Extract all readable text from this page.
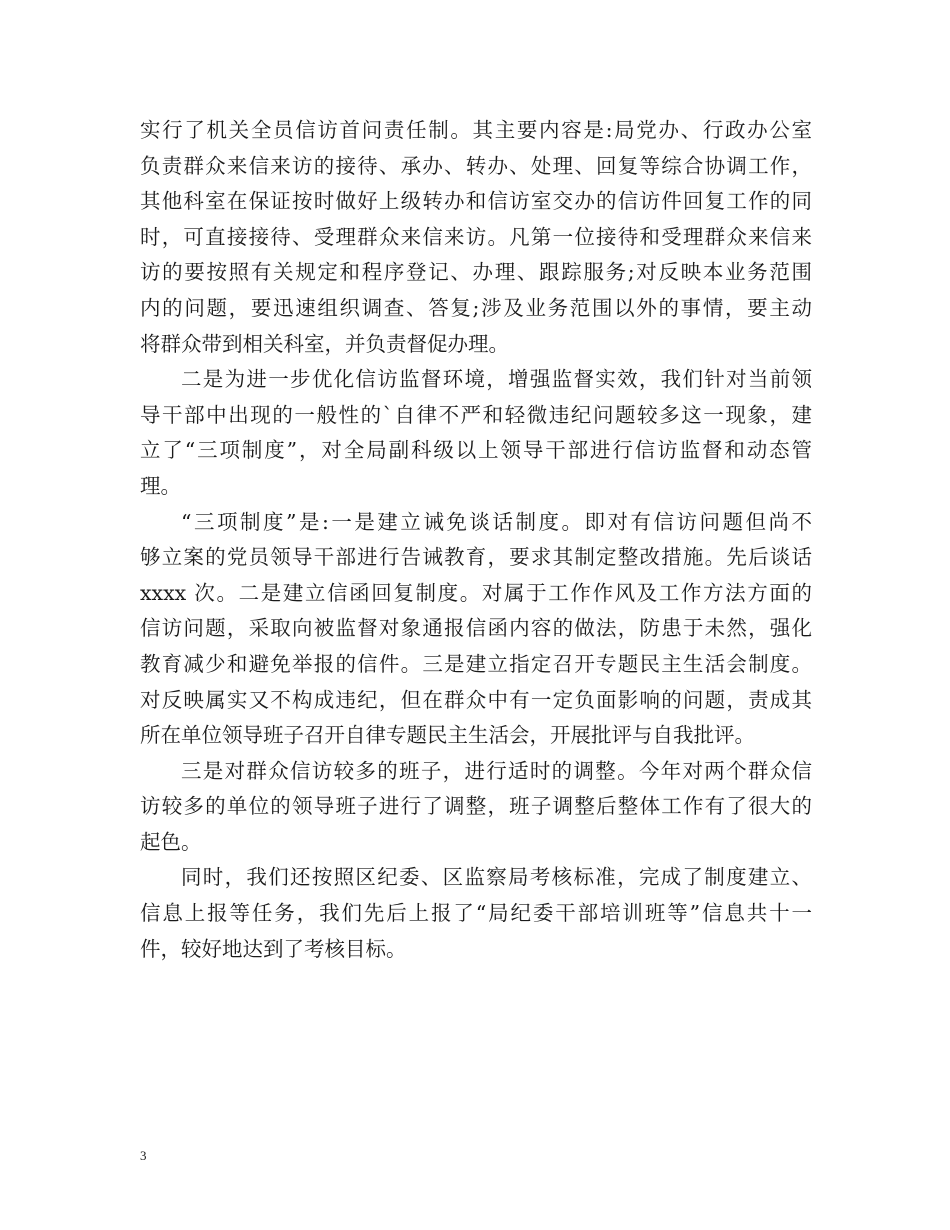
实行了机关全员信访首问责任制。其主要内容是:局党办、行政办公室
负责群众来信来访的接待、承办、转办、处理、回复等综合协调工作，
其他科室在保证按时做好上级转办和信访室交办的信访件回复工作的同
时，可直接接待、受理群众来信来访。凡第一位接待和受理群众来信来
访的要按照有关规定和程序登记、办理、跟踪服务;对反映本业务范围
内的问题，要迅速组织调查、答复;涉及业务范围以外的事情，要主动
将群众带到相关科室，并负责督促办理。
二是为进一步优化信访监督环境，增强监督实效，我们针对当前领
导干部中出现的一般性的`自律不严和轻微违纪问题较多这一现象，建
立了“三项制度”，对全局副科级以上领导干部进行信访监督和动态管
理。
“三项制度”是:一是建立诫免谈话制度。即对有信访问题但尚不
够立案的党员领导干部进行告诫教育，要求其制定整改措施。先后谈话
xxxx 次。二是建立信函回复制度。对属于工作作风及工作方法方面的
信访问题，采取向被监督对象通报信函内容的做法，防患于未然，强化
教育减少和避免举报的信件。三是建立指定召开专题民主生活会制度。
对反映属实又不构成违纪，但在群众中有一定负面影响的问题，责成其
所在单位领导班子召开自律专题民主生活会，开展批评与自我批评。
三是对群众信访较多的班子，进行适时的调整。今年对两个群众信
访较多的单位的领导班子进行了调整，班子调整后整体工作有了很大的
起色。
同时，我们还按照区纪委、区监察局考核标准，完成了制度建立、
信息上报等任务，我们先后上报了“局纪委干部培训班等”信息共十一
件，较好地达到了考核目标。
3
